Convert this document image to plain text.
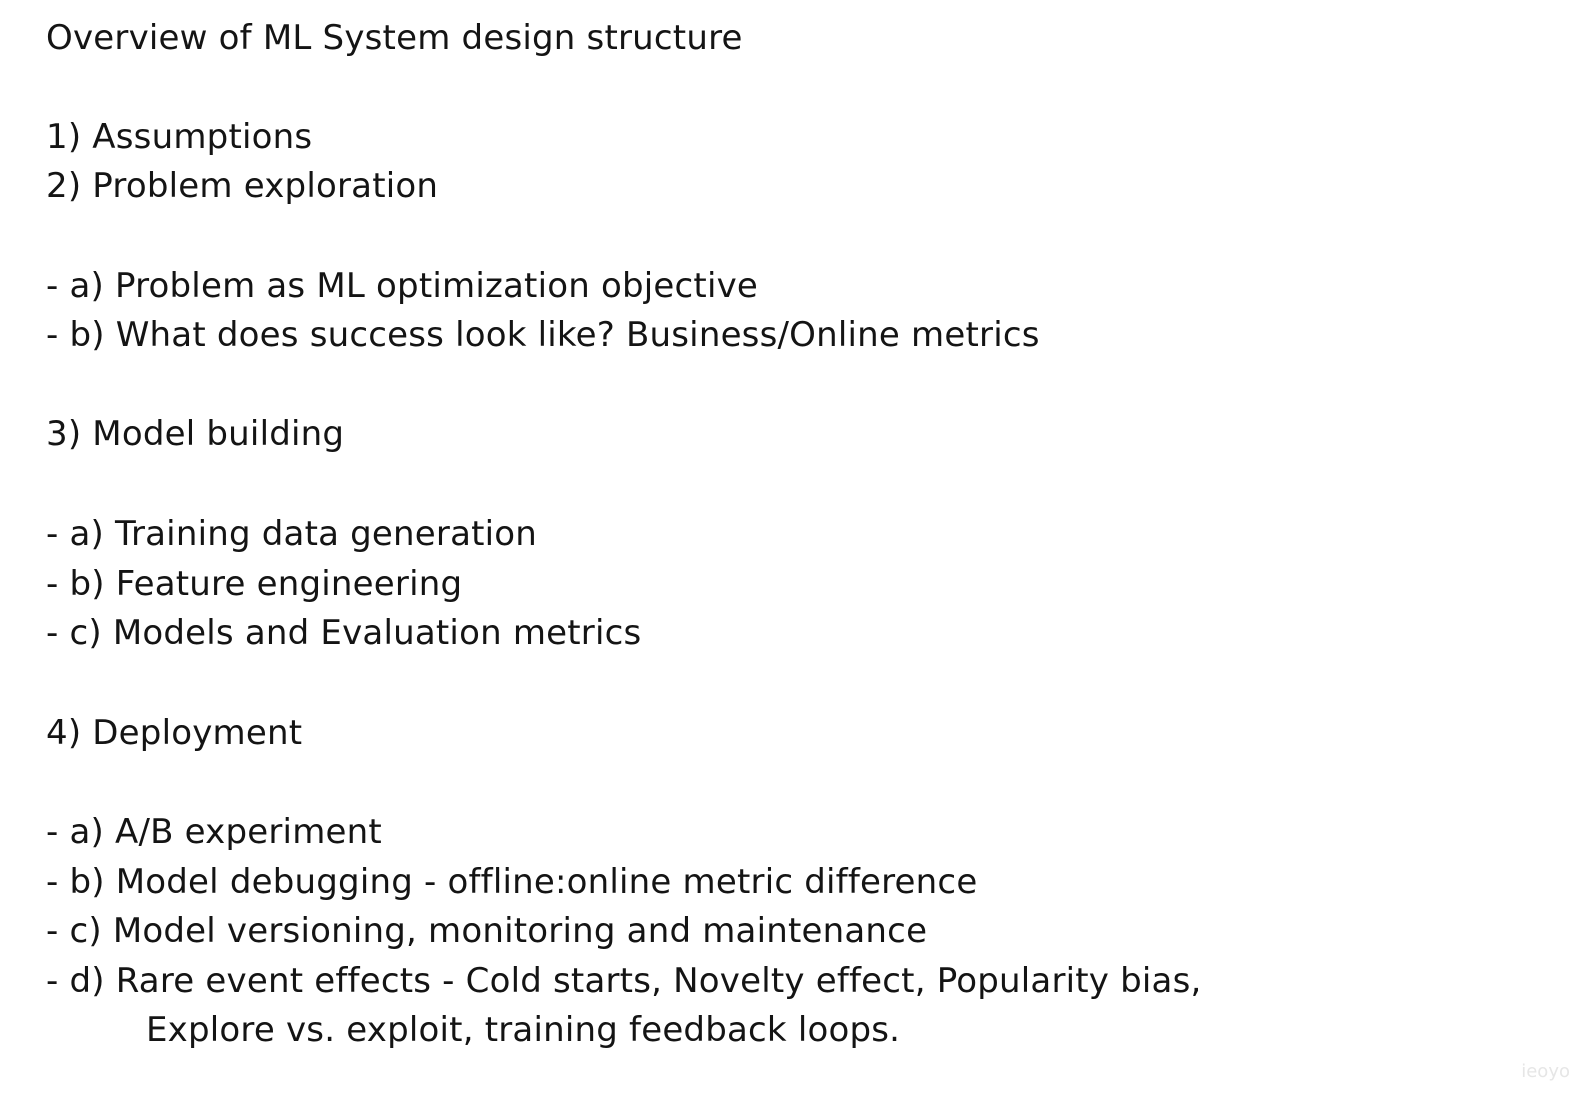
Overview of ML System design structure
1) Assumptions
2) Problem exploration
- a) Problem as ML optimization objective
- b) What does success look like? Business/Online metrics
3) Model building
- a) Training data generation
- b) Feature engineering
- c) Models and Evaluation metrics
4) Deployment
- a) A/B experiment
- b) Model debugging - offline:online metric difference
- c) Model versioning, monitoring and maintenance
- d) Rare event effects - Cold starts, Novelty effect, Popularity bias,
Explore vs. exploit, training feedback loops.
ieoyo
